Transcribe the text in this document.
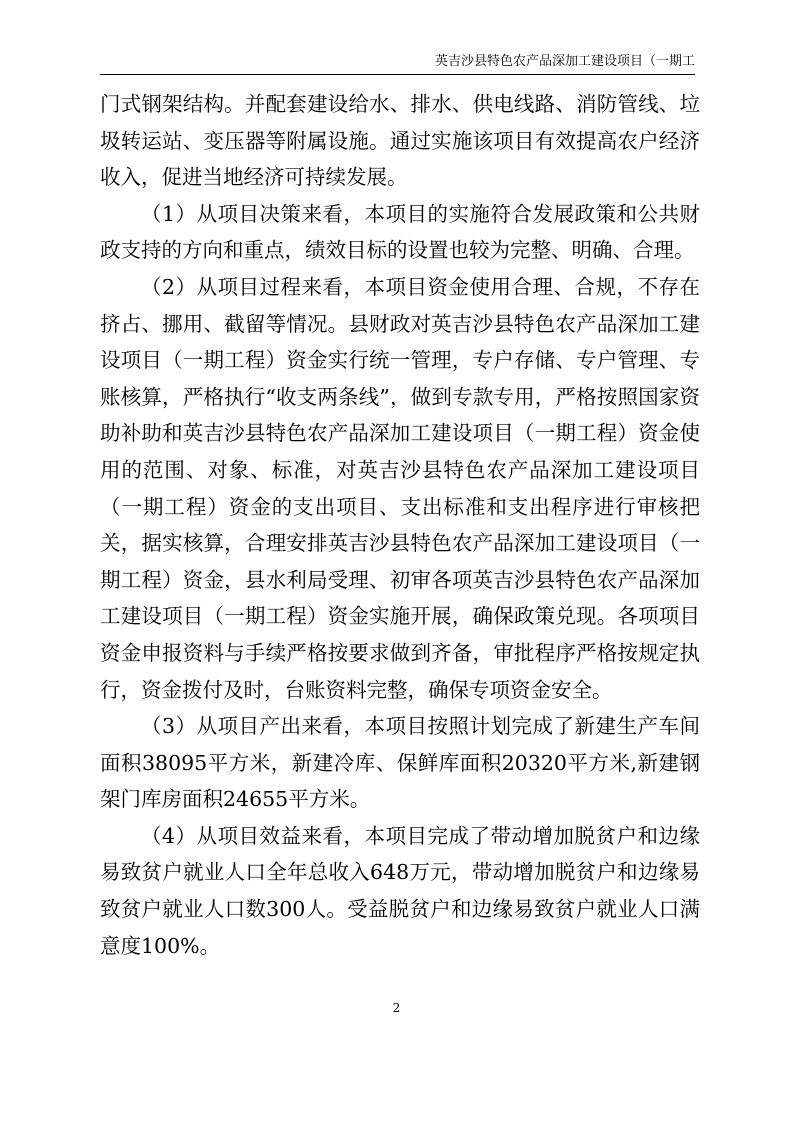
英吉沙县特色农产品深加工建设项目（一期工

门式钢架结构。并配套建设给水、排水、供电线路、消防管线、垃圾转运站、变压器等附属设施。通过实施该项目有效提高农户经济收入，促进当地经济可持续发展。

（1）从项目决策来看，本项目的实施符合发展政策和公共财政支持的方向和重点，绩效目标的设置也较为完整、明确、合理。

（2）从项目过程来看，本项目资金使用合理、合规，不存在挤占、挪用、截留等情况。县财政对英吉沙县特色农产品深加工建设项目（一期工程）资金实行统一管理，专户存储、专户管理、专账核算，严格执行“收支两条线”，做到专款专用，严格按照国家资助补助和英吉沙县特色农产品深加工建设项目（一期工程）资金使用的范围、对象、标准，对英吉沙县特色农产品深加工建设项目（一期工程）资金的支出项目、支出标准和支出程序进行审核把关，据实核算，合理安排英吉沙县特色农产品深加工建设项目（一期工程）资金，县水利局受理、初审各项英吉沙县特色农产品深加工建设项目（一期工程）资金实施开展，确保政策兑现。各项项目资金申报资料与手续严格按要求做到齐备，审批程序严格按规定执行，资金拨付及时，台账资料完整，确保专项资金安全。

（3）从项目产出来看，本项目按照计划完成了新建生产车间面积38095平方米，新建冷库、保鲜库面积20320平方米,新建钢架门库房面积24655平方米。

（4）从项目效益来看，本项目完成了带动增加脱贫户和边缘易致贫户就业人口全年总收入648万元，带动增加脱贫户和边缘易致贫户就业人口数300人。受益脱贫户和边缘易致贫户就业人口满意度100%。

2
